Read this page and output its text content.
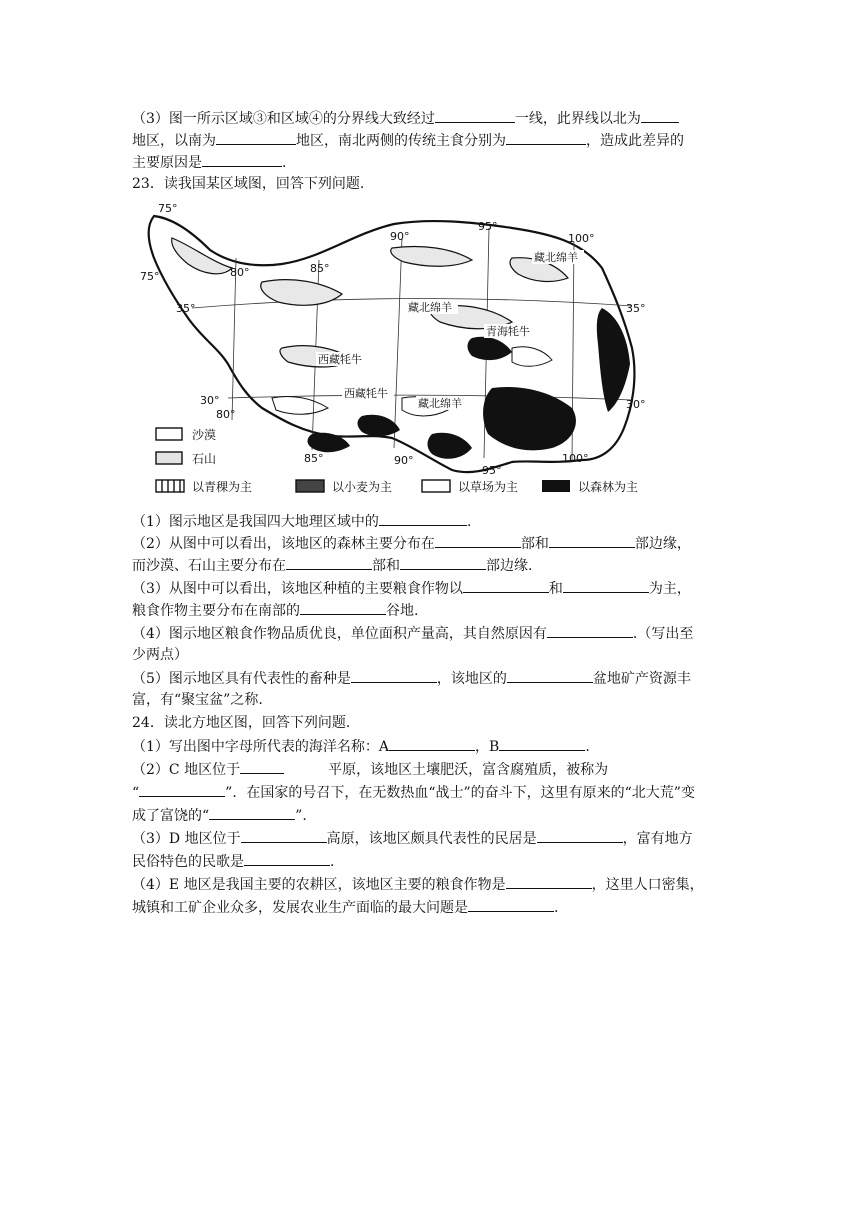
（3）图一所示区域③和区域④的分界线大致经过	一线，此界线以北为
地区，以南为	地区，南北两侧的传统主食分别为	，造成此差异的
主要原因是	.
23．读我国某区域图，回答下列问题.
75°
75°	80°	85°
90°
95°
100°
35°	35°
30°
80°
30°
85°	90°
95°
100°
藏北绵羊
藏北绵羊
青海牦牛
西藏牦牛
西藏牦牛
藏北绵羊
沙漠
石山
以青稞为主	以小麦为主	以草场为主	以森林为主
（1）图示地区是我国四大地理区域中的	.
（2）从图中可以看出，该地区的森林主要分布在	部和	部边缘，
而沙漠、石山主要分布在	部和	部边缘.
（3）从图中可以看出，该地区种植的主要粮食作物以	和	为主，
粮食作物主要分布在南部的	谷地.
（4）图示地区粮食作物品质优良，单位面积产量高，其自然原因有	.（写出至
少两点）
（5）图示地区具有代表性的畜种是	，该地区的	盆地矿产资源丰
富，有“聚宝盆”之称.
24．读北方地区图，回答下列问题.
（1）写出图中字母所代表的海洋名称：A	，B	.
（2）C 地区位于	平原，该地区土壤肥沃，富含腐殖质，被称为
“	”．在国家的号召下，在无数热血“战士”的奋斗下，这里有原来的“北大荒”变
成了富饶的“	”.
（3）D 地区位于	高原，该地区颇具代表性的民居是	，富有地方
民俗特色的民歌是	.
（4）E 地区是我国主要的农耕区，该地区主要的粮食作物是	，这里人口密集，
城镇和工矿企业众多，发展农业生产面临的最大问题是	.
